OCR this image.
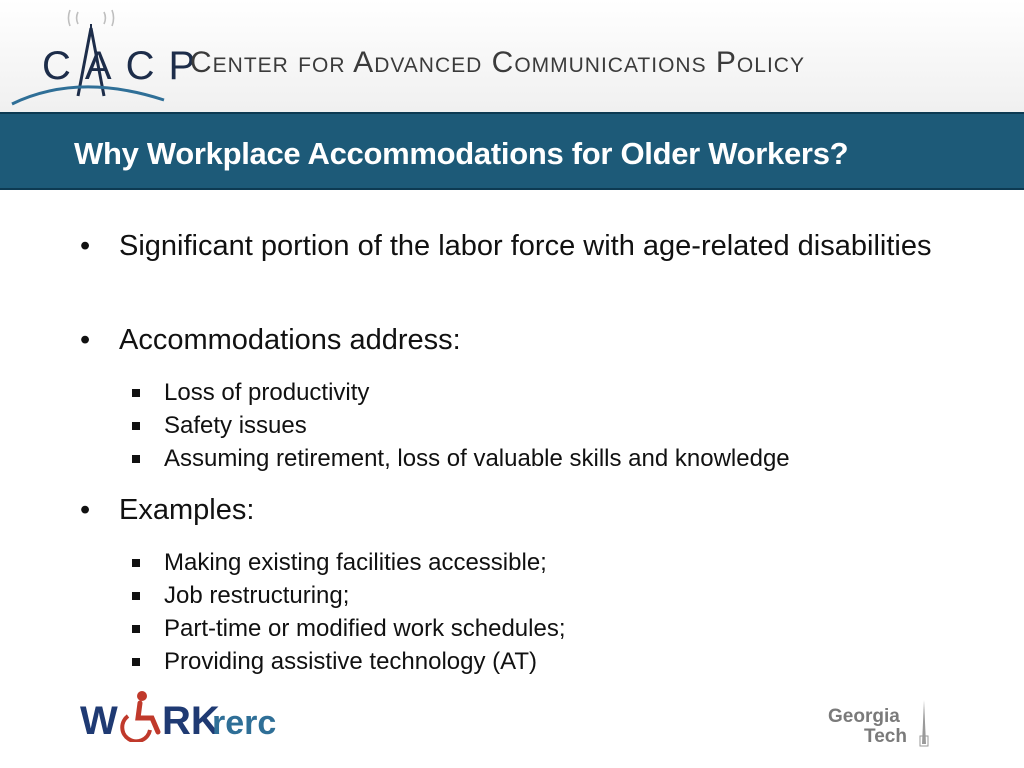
CACP
Center for Advanced Communications Policy
Why Workplace Accommodations for Older Workers?
• Significant portion of the labor force with age-related disabilities
• Accommodations address:
Loss of productivity
Safety issues
Assuming retirement, loss of valuable skills and knowledge
• Examples:
Making existing facilities accessible;
Job restructuring;
Part-time or modified work schedules;
Providing assistive technology (AT)
W RK
rerc	Georgia
Tech
